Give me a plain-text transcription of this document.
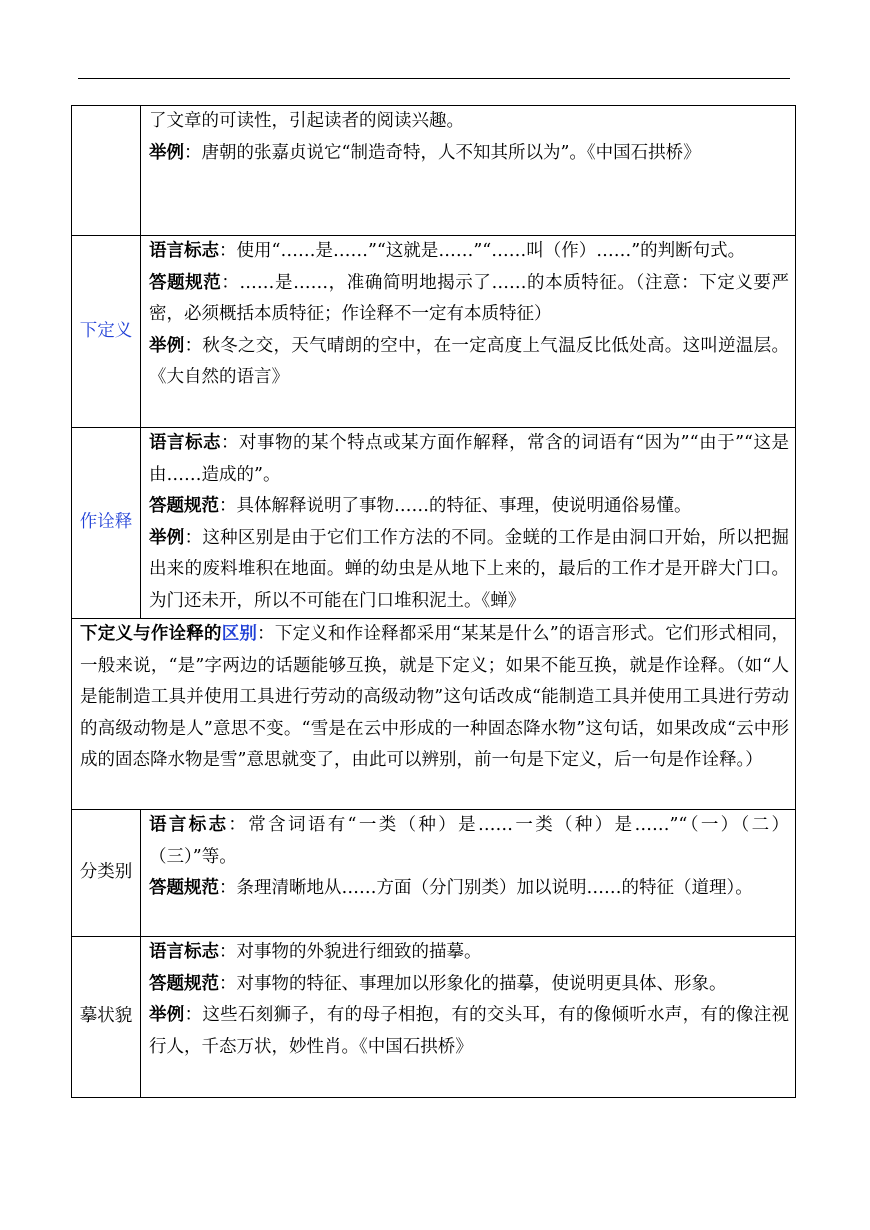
	了文章的可读性，引起读者的阅读兴趣。
举例：唐朝的张嘉贞说它“制造奇特，人不知其所以为”。《中国石拱桥》
下定义	语言标志：使用“……是……”“这就是……”“……叫（作）……”的判断句式。
答题规范：……是……，准确简明地揭示了……的本质特征。（注意：下定义要严密，必须概括本质特征；作诠释不一定有本质特征）
举例：秋冬之交，天气晴朗的空中，在一定高度上气温反比低处高。这叫逆温层。《大自然的语言》
作诠释	语言标志：对事物的某个特点或某方面作解释，常含的词语有“因为”“由于”“这是由……造成的”。
答题规范：具体解释说明了事物……的特征、事理，使说明通俗易懂。
举例：这种区别是由于它们工作方法的不同。金蜣的工作是由洞口开始，所以把掘出来的废料堆积在地面。蝉的幼虫是从地下上来的，最后的工作才是开辟大门口。为门还未开，所以不可能在门口堆积泥土。《蝉》
下定义与作诠释的区别：下定义和作诠释都采用“某某是什么”的语言形式。它们形式相同，一般来说，“是”字两边的话题能够互换，就是下定义；如果不能互换，就是作诠释。（如“人是能制造工具并使用工具进行劳动的高级动物”这句话改成“能制造工具并使用工具进行劳动的高级动物是人”意思不变。“雪是在云中形成的一种固态降水物”这句话，如果改成“云中形成的固态降水物是雪”意思就变了，由此可以辨别，前一句是下定义，后一句是作诠释。）	
分类别	语言标志：常含词语有“一类（种）是……一类（种）是……”“（一）（二）（三）”等。
答题规范：条理清晰地从……方面（分门别类）加以说明……的特征（道理）。
摹状貌	语言标志：对事物的外貌进行细致的描摹。
答题规范：对事物的特征、事理加以形象化的描摹，使说明更具体、形象。
举例：这些石刻狮子，有的母子相抱，有的交头耳，有的像倾听水声，有的像注视行人，千态万状，妙性肖。《中国石拱桥》
